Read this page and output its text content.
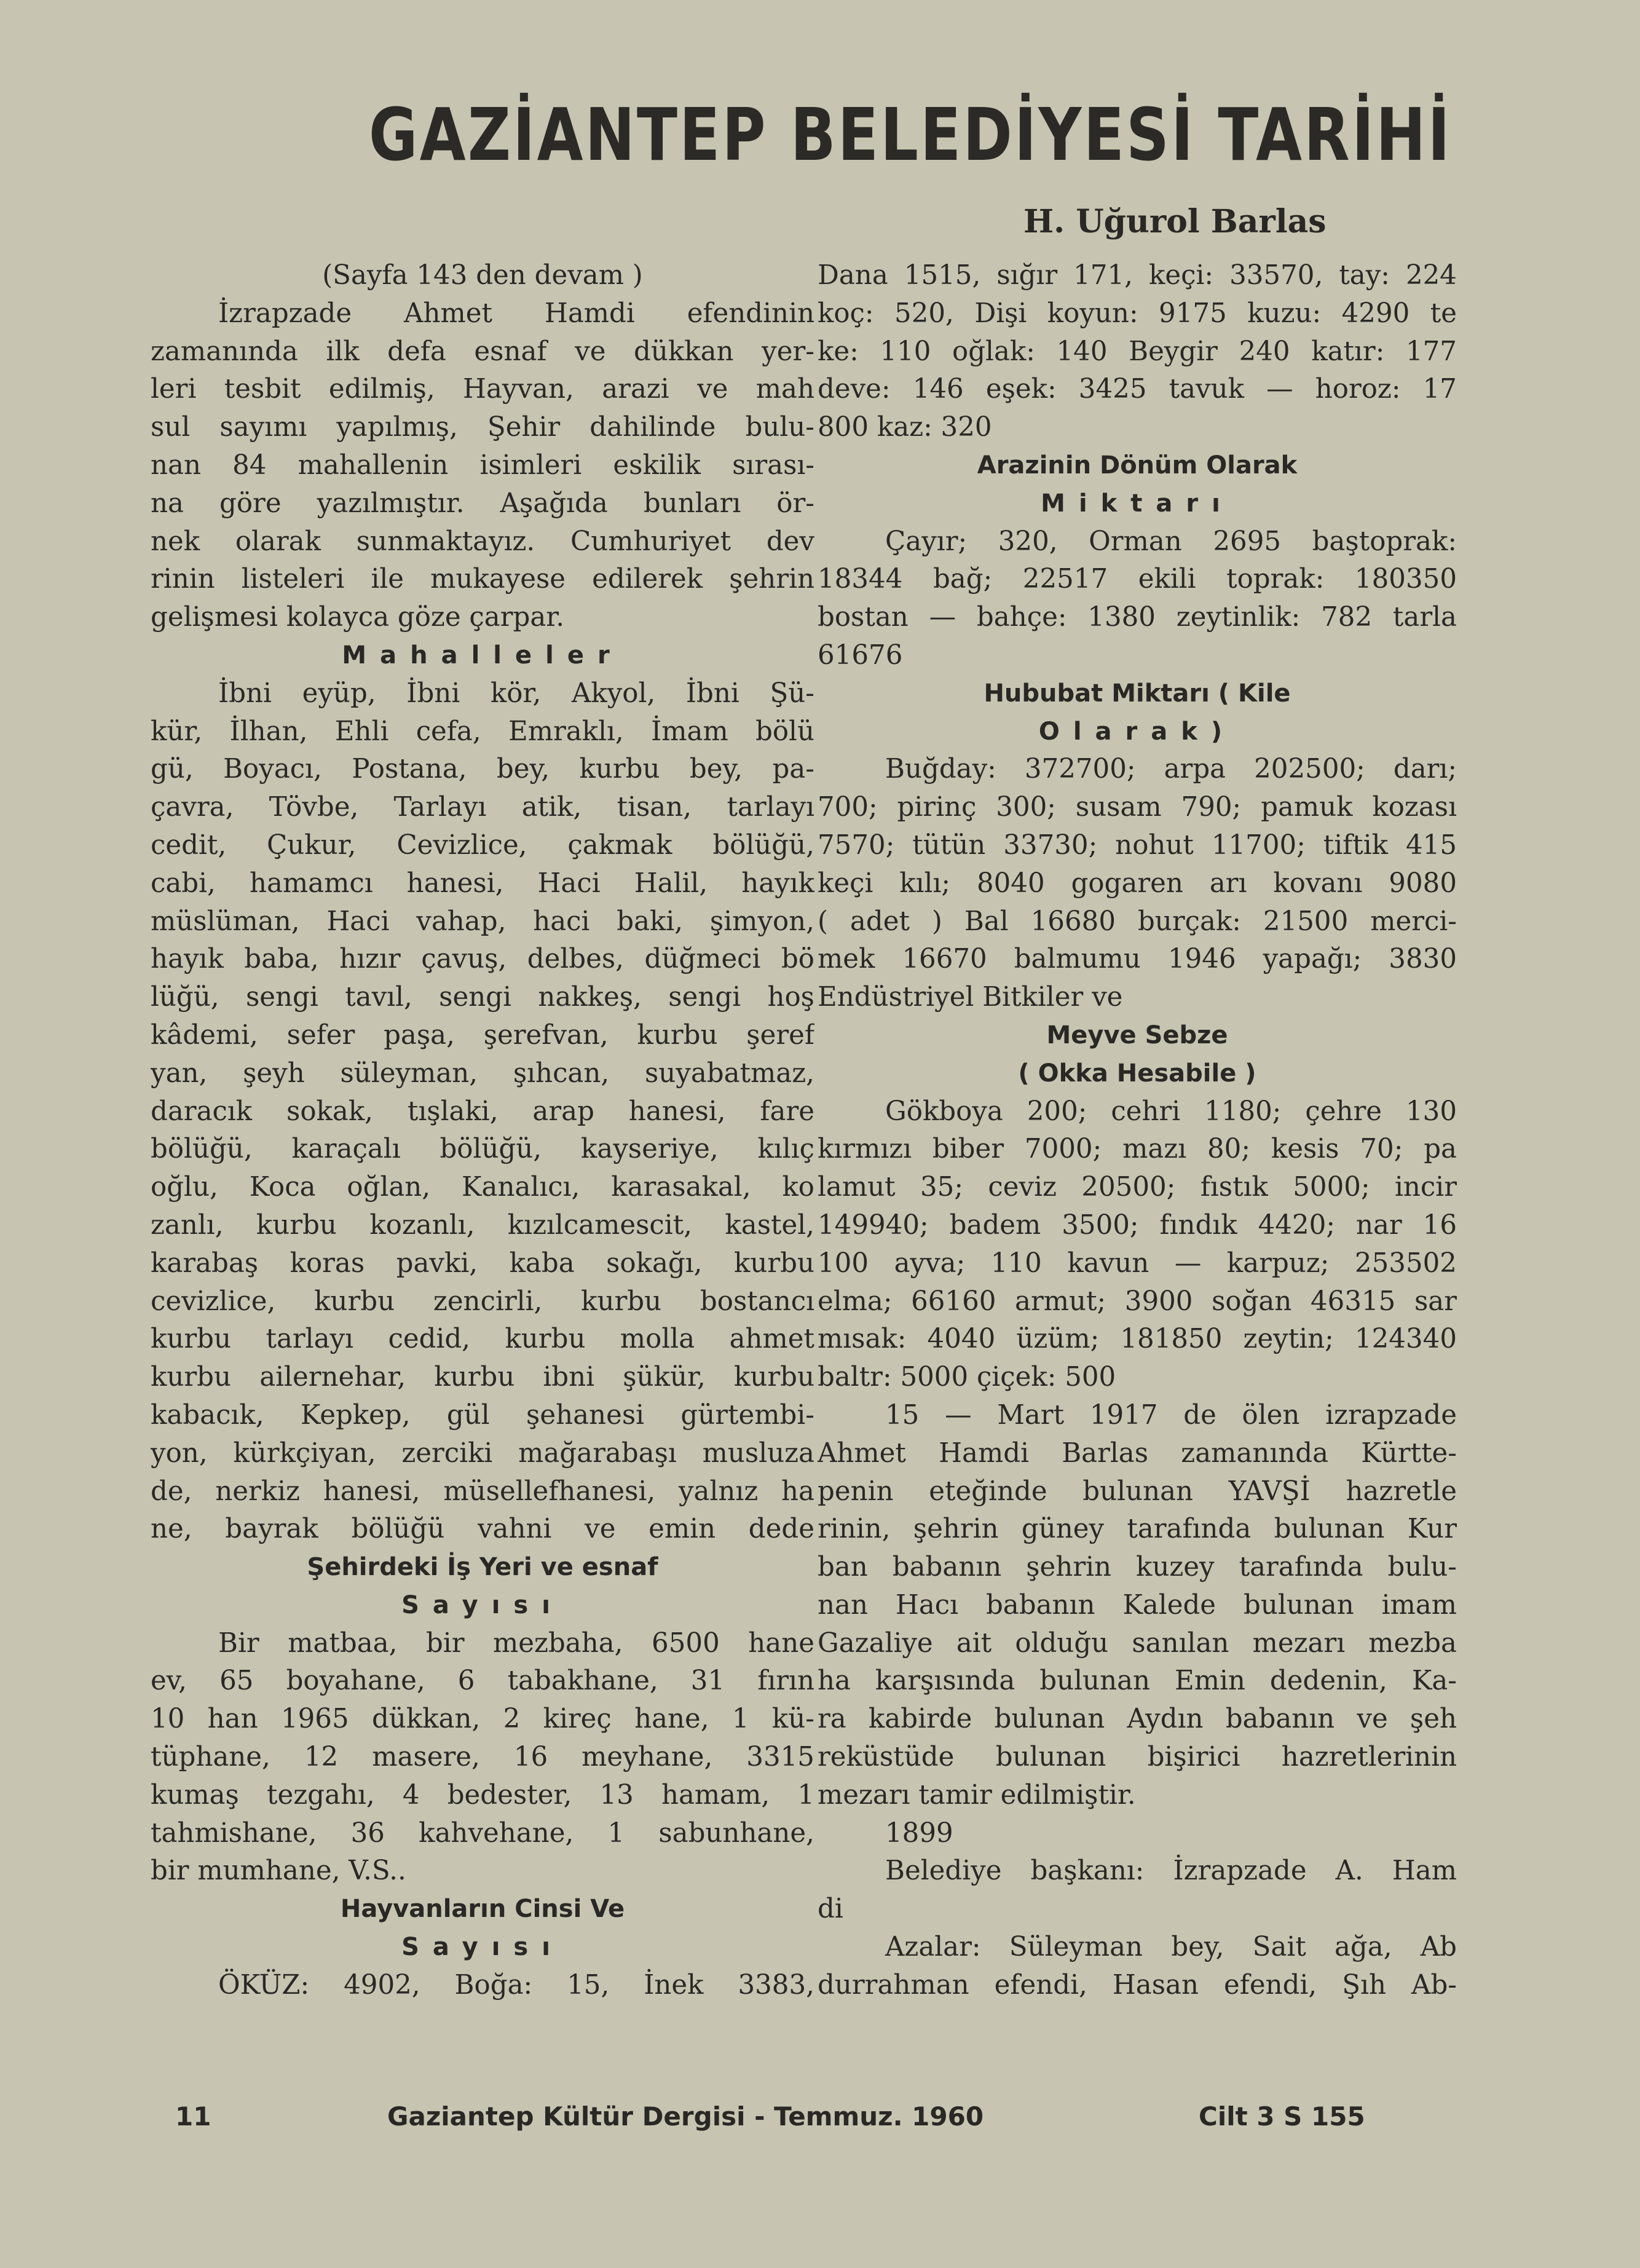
GAZİANTEP BELEDİYESİ TARİHİ
H. Uğurol Barlas
(Sayfa 143 den devam )
İzrapzade Ahmet Hamdi efendinin
zamanında ilk defa esnaf ve dükkan yer-
leri tesbit edilmiş, Hayvan, arazi ve mah
sul sayımı yapılmış, Şehir dahilinde bulu-
nan 84 mahallenin isimleri eskilik sırası-
na göre yazılmıştır. Aşağıda bunları ör-
nek olarak sunmaktayız. Cumhuriyet dev
rinin listeleri ile mukayese edilerek şehrin
gelişmesi kolayca göze çarpar.
Mahalleler
İbni eyüp, İbni kör, Akyol, İbni Şü-
kür, İlhan, Ehli cefa, Emraklı, İmam bölü
gü, Boyacı, Postana, bey, kurbu bey, pa-
çavra, Tövbe, Tarlayı atik, tisan, tarlayı
cedit, Çukur, Cevizlice, çakmak bölüğü,
cabi, hamamcı hanesi, Haci Halil, hayık
müslüman, Haci vahap, haci baki, şimyon,
hayık baba, hızır çavuş, delbes, düğmeci bö
lüğü, sengi tavıl, sengi nakkeş, sengi hoş
kâdemi, sefer paşa, şerefvan, kurbu şeref
yan, şeyh süleyman, şıhcan, suyabatmaz,
daracık sokak, tışlaki, arap hanesi, fare
bölüğü, karaçalı bölüğü, kayseriye, kılıç
oğlu, Koca oğlan, Kanalıcı, karasakal, ko
zanlı, kurbu kozanlı, kızılcamescit, kastel,
karabaş koras pavki, kaba sokağı, kurbu
cevizlice, kurbu zencirli, kurbu bostancı
kurbu tarlayı cedid, kurbu molla ahmet
kurbu ailernehar, kurbu ibni şükür, kurbu
kabacık, Kepkep, gül şehanesi gürtembi-
yon, kürkçiyan, zerciki mağarabaşı musluza
de, nerkiz hanesi, müsellefhanesi, yalnız ha
ne, bayrak bölüğü vahni ve emin dede
Şehirdeki İş Yeri ve esnaf
Sayısı
Bir matbaa, bir mezbaha, 6500 hane
ev, 65 boyahane, 6 tabakhane, 31 fırın
10 han 1965 dükkan, 2 kireç hane, 1 kü-
tüphane, 12 masere, 16 meyhane, 3315
kumaş tezgahı, 4 bedester, 13 hamam, 1
tahmishane, 36 kahvehane, 1 sabunhane,
bir mumhane, V.S..
Hayvanların Cinsi Ve
Sayısı
ÖKÜZ: 4902, Boğa: 15, İnek 3383,
Dana 1515, sığır 171, keçi: 33570, tay: 224
koç: 520, Dişi koyun: 9175 kuzu: 4290 te
ke: 110 oğlak: 140 Beygir 240 katır: 177
deve: 146 eşek: 3425 tavuk — horoz: 17
800 kaz: 320
Arazinin Dönüm Olarak
Miktarı
Çayır; 320, Orman 2695 baştoprak:
18344 bağ; 22517 ekili toprak: 180350
bostan — bahçe: 1380 zeytinlik: 782 tarla
61676
Hububat Miktarı ( Kile
Olarak)
Buğday: 372700; arpa 202500; darı;
700; pirinç 300; susam 790; pamuk kozası
7570; tütün 33730; nohut 11700; tiftik 415
keçi kılı; 8040 gogaren arı kovanı 9080
( adet ) Bal 16680 burçak: 21500 merci-
mek 16670 balmumu 1946 yapağı; 3830
Endüstriyel Bitkiler ve
Meyve Sebze
( Okka Hesabile )
Gökboya 200; cehri 1180; çehre 130
kırmızı biber 7000; mazı 80; kesis 70; pa
lamut 35; ceviz 20500; fıstık 5000; incir
149940; badem 3500; fındık 4420; nar 16
100 ayva; 110 kavun — karpuz; 253502
elma; 66160 armut; 3900 soğan 46315 sar
mısak: 4040 üzüm; 181850 zeytin; 124340
baltr: 5000 çiçek: 500
15 — Mart 1917 de ölen izrapzade
Ahmet Hamdi Barlas zamanında Kürtte-
penin eteğinde bulunan YAVŞİ hazretle
rinin, şehrin güney tarafında bulunan Kur
ban babanın şehrin kuzey tarafında bulu-
nan Hacı babanın Kalede bulunan imam
Gazaliye ait olduğu sanılan mezarı mezba
ha karşısında bulunan Emin dedenin, Ka-
ra kabirde bulunan Aydın babanın ve şeh
reküstüde bulunan bişirici hazretlerinin
mezarı tamir edilmiştir.
1899
Belediye başkanı: İzrapzade A. Ham
di
Azalar: Süleyman bey, Sait ağa, Ab
durrahman efendi, Hasan efendi, Şıh Ab-
11	Gaziantep Kültür Dergisi - Temmuz. 1960	Cilt 3 S 155
